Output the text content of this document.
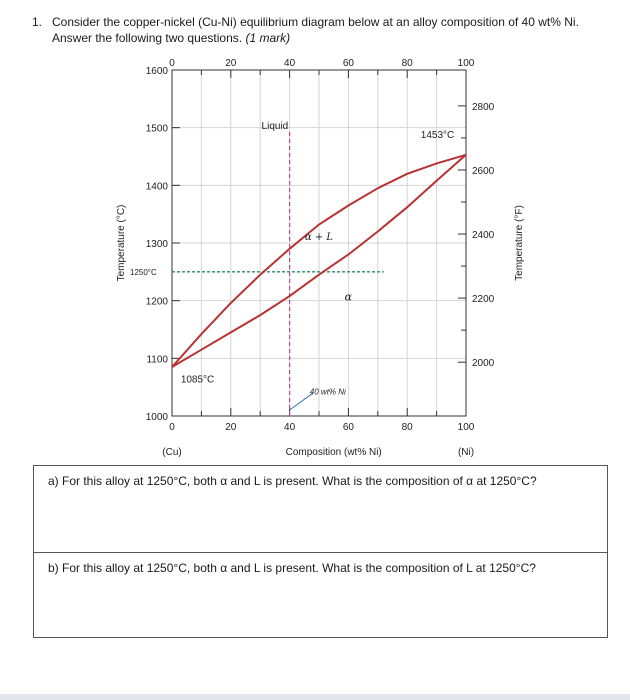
1. Consider the copper-nickel (Cu-Ni) equilibrium diagram below at an alloy composition of 40 wt% Ni.
Answer the following two questions. (1 mark)
0	20	40	60	80	100
0	20	40	60	80	100
1600
1500
1400
1300
1200
1100
1000
2800
2600
2400
2200
2000
Temperature (°C)	Temperature (°F)
Composition (wt% Ni)
(Cu)	(Ni)
1250°C
Liquid
α + L
α
1453°C
1085°C
40 wt% Ni
a) For this alloy at 1250°C, both α and L is present. What is the composition of α at 1250°C?
b) For this alloy at 1250°C, both α and L is present. What is the composition of L at 1250°C?
